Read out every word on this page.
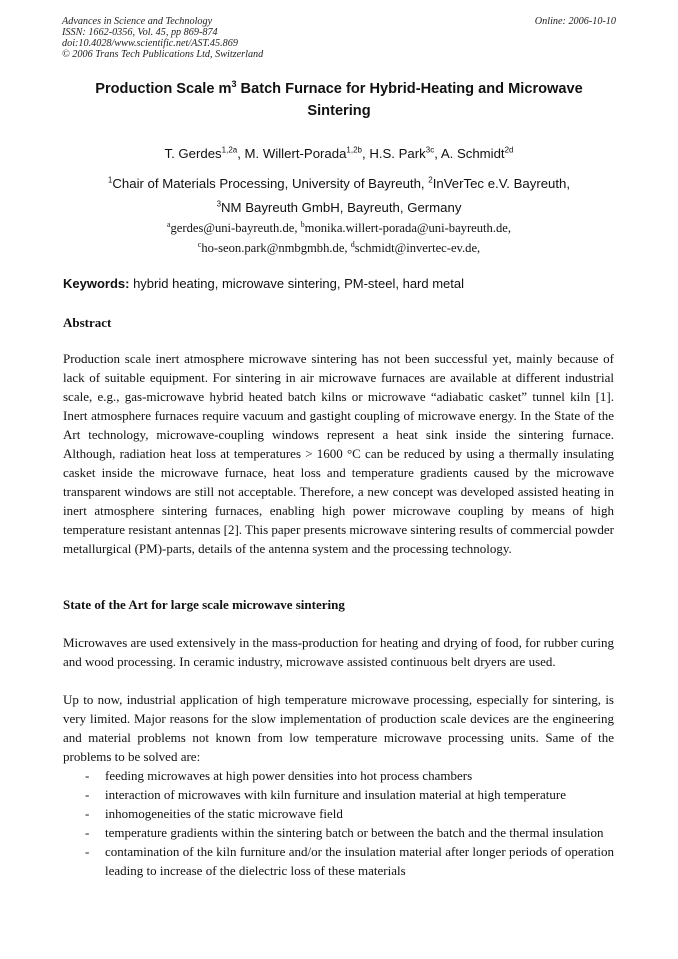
Advances in Science and Technology
ISSN: 1662-0356, Vol. 45, pp 869-874
doi:10.4028/www.scientific.net/AST.45.869
© 2006 Trans Tech Publications Ltd, Switzerland
Online: 2006-10-10
Production Scale $m^3$ Batch Furnace for Hybrid-Heating and Microwave
Sintering
T. Gerdes$^{1,2a}$, M. Willert-Porada$^{1,2b}$, H.S. Park$^{3c}$, A. Schmidt$^{2d}$
$^1$Chair of Materials Processing, University of Bayreuth, $^2$InVerTec e.V. Bayreuth,
$^3$NM Bayreuth GmbH, Bayreuth, Germany
$^a$gerdes@uni-bayreuth.de, $^b$monika.willert-porada@uni-bayreuth.de,
$^c$ho-seon.park@nmbgmbh.de, $^d$schmidt@invertec-ev.de,
Keywords: hybrid heating, microwave sintering, PM-steel, hard metal
Abstract
Production scale inert atmosphere microwave sintering has not been successful yet, mainly because of lack of suitable equipment. For sintering in air microwave furnaces are available at different industrial scale, e.g., gas-microwave hybrid heated batch kilns or microwave “adiabatic casket” tunnel kiln [1]. Inert atmosphere furnaces require vacuum and gastight coupling of microwave energy. In the State of the Art technology, microwave-coupling windows represent a heat sink inside the sintering furnace. Although, radiation heat loss at temperatures > 1600 °C can be reduced by using a thermally insulating casket inside the microwave furnace, heat loss and temperature gradients caused by the microwave transparent windows are still not acceptable. Therefore, a new concept was developed assisted heating in inert atmosphere sintering furnaces, enabling high power microwave coupling by means of high temperature resistant antennas [2]. This paper presents microwave sintering results of commercial powder metallurgical (PM)-parts, details of the antenna system and the processing technology.
State of the Art for large scale microwave sintering
Microwaves are used extensively in the mass-production for heating and drying of food, for rubber curing and wood processing. In ceramic industry, microwave assisted continuous belt dryers are used.
Up to now, industrial application of high temperature microwave processing, especially for sintering, is very limited. Major reasons for the slow implementation of production scale devices are the engineering and material problems not known from low temperature microwave processing units. Same of the problems to be solved are:
- feeding microwaves at high power densities into hot process chambers
- interaction of microwaves with kiln furniture and insulation material at high temperature
- inhomogeneities of the static microwave field
- temperature gradients within the sintering batch or between the batch and the thermal insulation
- contamination of the kiln furniture and/or the insulation material after longer periods of operation leading to increase of the dielectric loss of these materials
